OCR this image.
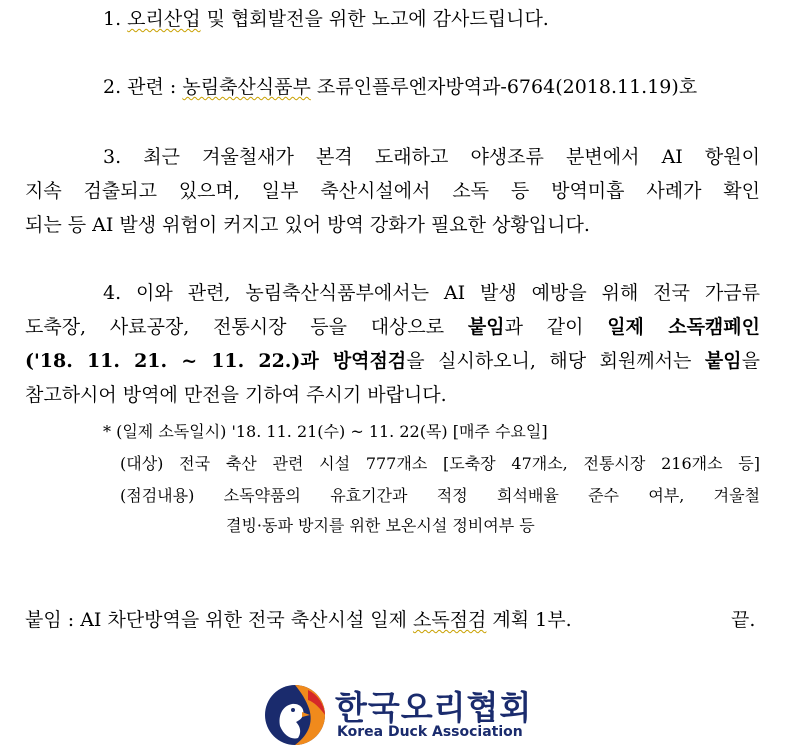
1. 오리산업 및 협회발전을 위한 노고에 감사드립니다.
2. 관련 : 농림축산식품부 조류인플루엔자방역과-6764(2018.11.19)호
3. 최근 겨울철새가 본격 도래하고 야생조류 분변에서 AI 항원이
지속 검출되고 있으며, 일부 축산시설에서 소독 등 방역미흡 사례가 확인
되는 등 AI 발생 위험이 커지고 있어 방역 강화가 필요한 상황입니다.
4. 이와 관련, 농림축산식품부에서는 AI 발생 예방을 위해 전국 가금류
도축장, 사료공장, 전통시장 등을 대상으로 붙임과 같이 일제 소독캠페인
('18. 11. 21. ~ 11. 22.)과 방역점검을 실시하오니, 해당 회원께서는 붙임을
참고하시어 방역에 만전을 기하여 주시기 바랍니다.
* (일제 소독일시) '18. 11. 21(수) ~ 11. 22(목) [매주 수요일]
(대상) 전국 축산 관련 시설 777개소 [도축장 47개소, 전통시장 216개소 등]
(점검내용) 소독약품의 유효기간과 적정 희석배율 준수 여부, 겨울철
결빙·동파 방지를 위한 보온시설 정비여부 등
붙임 : AI 차단방역을 위한 전국 축산시설 일제 소독점검 계획 1부.	끝.
한국오리협회
Korea Duck Association
